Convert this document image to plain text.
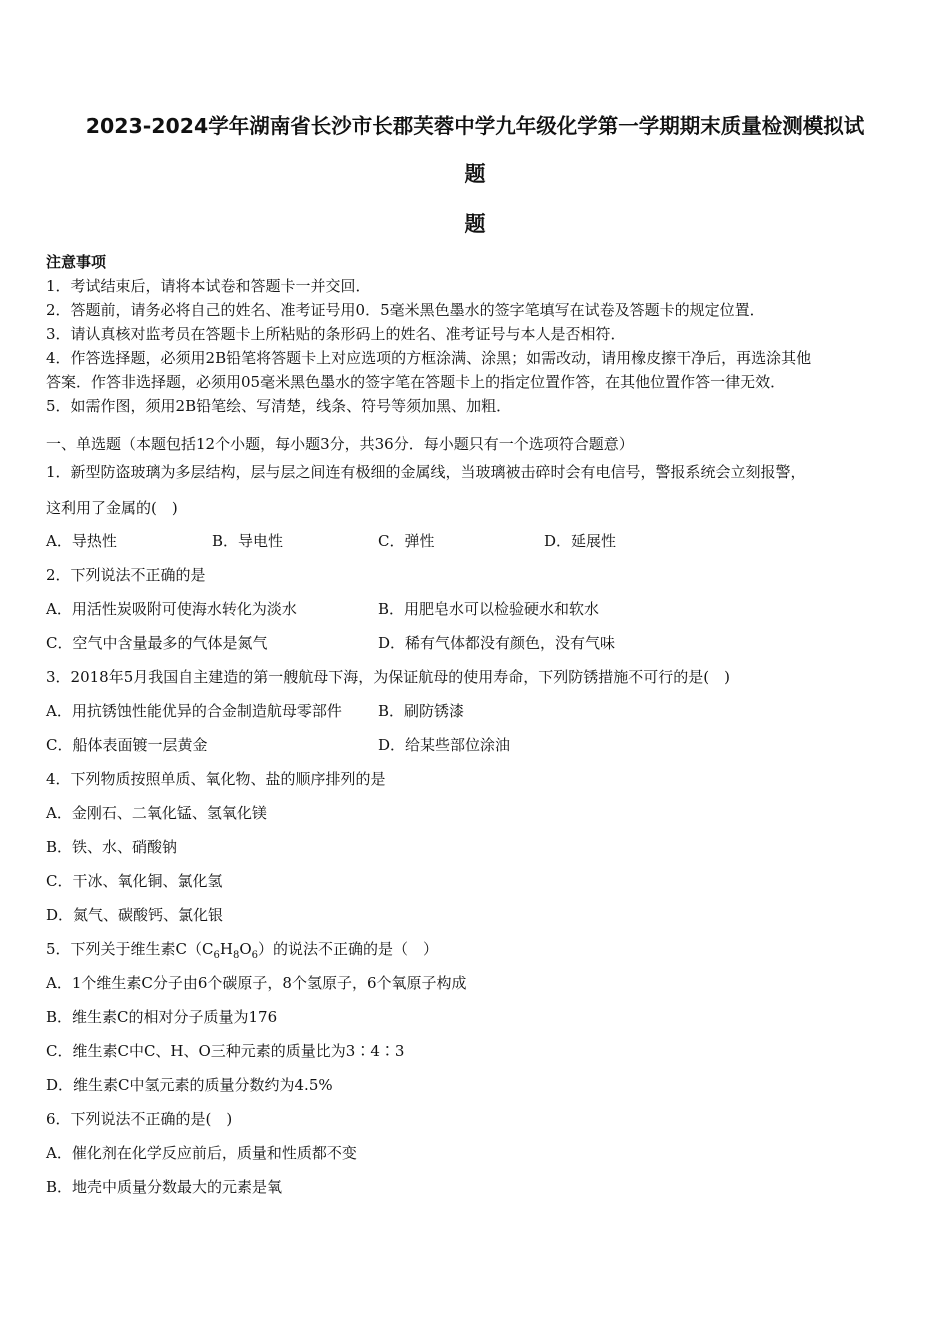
2023-2024学年湖南省长沙市长郡芙蓉中学九年级化学第一学期期末质量检测模拟试
题
题
注意事项
1．考试结束后，请将本试卷和答题卡一并交回．
2．答题前，请务必将自己的姓名、准考证号用0．5毫米黑色墨水的签字笔填写在试卷及答题卡的规定位置．
3．请认真核对监考员在答题卡上所粘贴的条形码上的姓名、准考证号与本人是否相符．
4．作答选择题，必须用2B铅笔将答题卡上对应选项的方框涂满、涂黑；如需改动，请用橡皮擦干净后，再选涂其他
答案．作答非选择题，必须用05毫米黑色墨水的签字笔在答题卡上的指定位置作答，在其他位置作答一律无效．
5．如需作图，须用2B铅笔绘、写清楚，线条、符号等须加黑、加粗．
一、单选题（本题包括12个小题，每小题3分，共36分．每小题只有一个选项符合题意）
1．新型防盗玻璃为多层结构，层与层之间连有极细的金属线，当玻璃被击碎时会有电信号，警报系统会立刻报警，
这利用了金属的(　)
A．导热性	B．导电性	C．弹性	D．延展性
2．下列说法不正确的是
A．用活性炭吸附可使海水转化为淡水	B．用肥皂水可以检验硬水和软水
C．空气中含量最多的气体是氮气	D．稀有气体都没有颜色，没有气味
3．2018年5月我国自主建造的第一艘航母下海，为保证航母的使用寿命，下列防锈措施不可行的是(　)
A．用抗锈蚀性能优异的合金制造航母零部件	B．刷防锈漆
C．船体表面镀一层黄金	D．给某些部位涂油
4．下列物质按照单质、氧化物、盐的顺序排列的是
A．金刚石、二氧化锰、氢氧化镁
B．铁、水、硝酸钠
C．干冰、氧化铜、氯化氢
D．氮气、碳酸钙、氯化银
5．下列关于维生素$C(C_6H_8O_6)$的说法不正确的是（　）
A．1个维生素C分子由6个碳原子，8个氢原子，6个氧原子构成
B．维生素C的相对分子质量为176
C．维生素C中C、H、O三种元素的质量比为3∶4∶3
D．维生素C中氢元素的质量分数约为4.5%
6．下列说法不正确的是(　)
A．催化剂在化学反应前后，质量和性质都不变
B．地壳中质量分数最大的元素是氧
